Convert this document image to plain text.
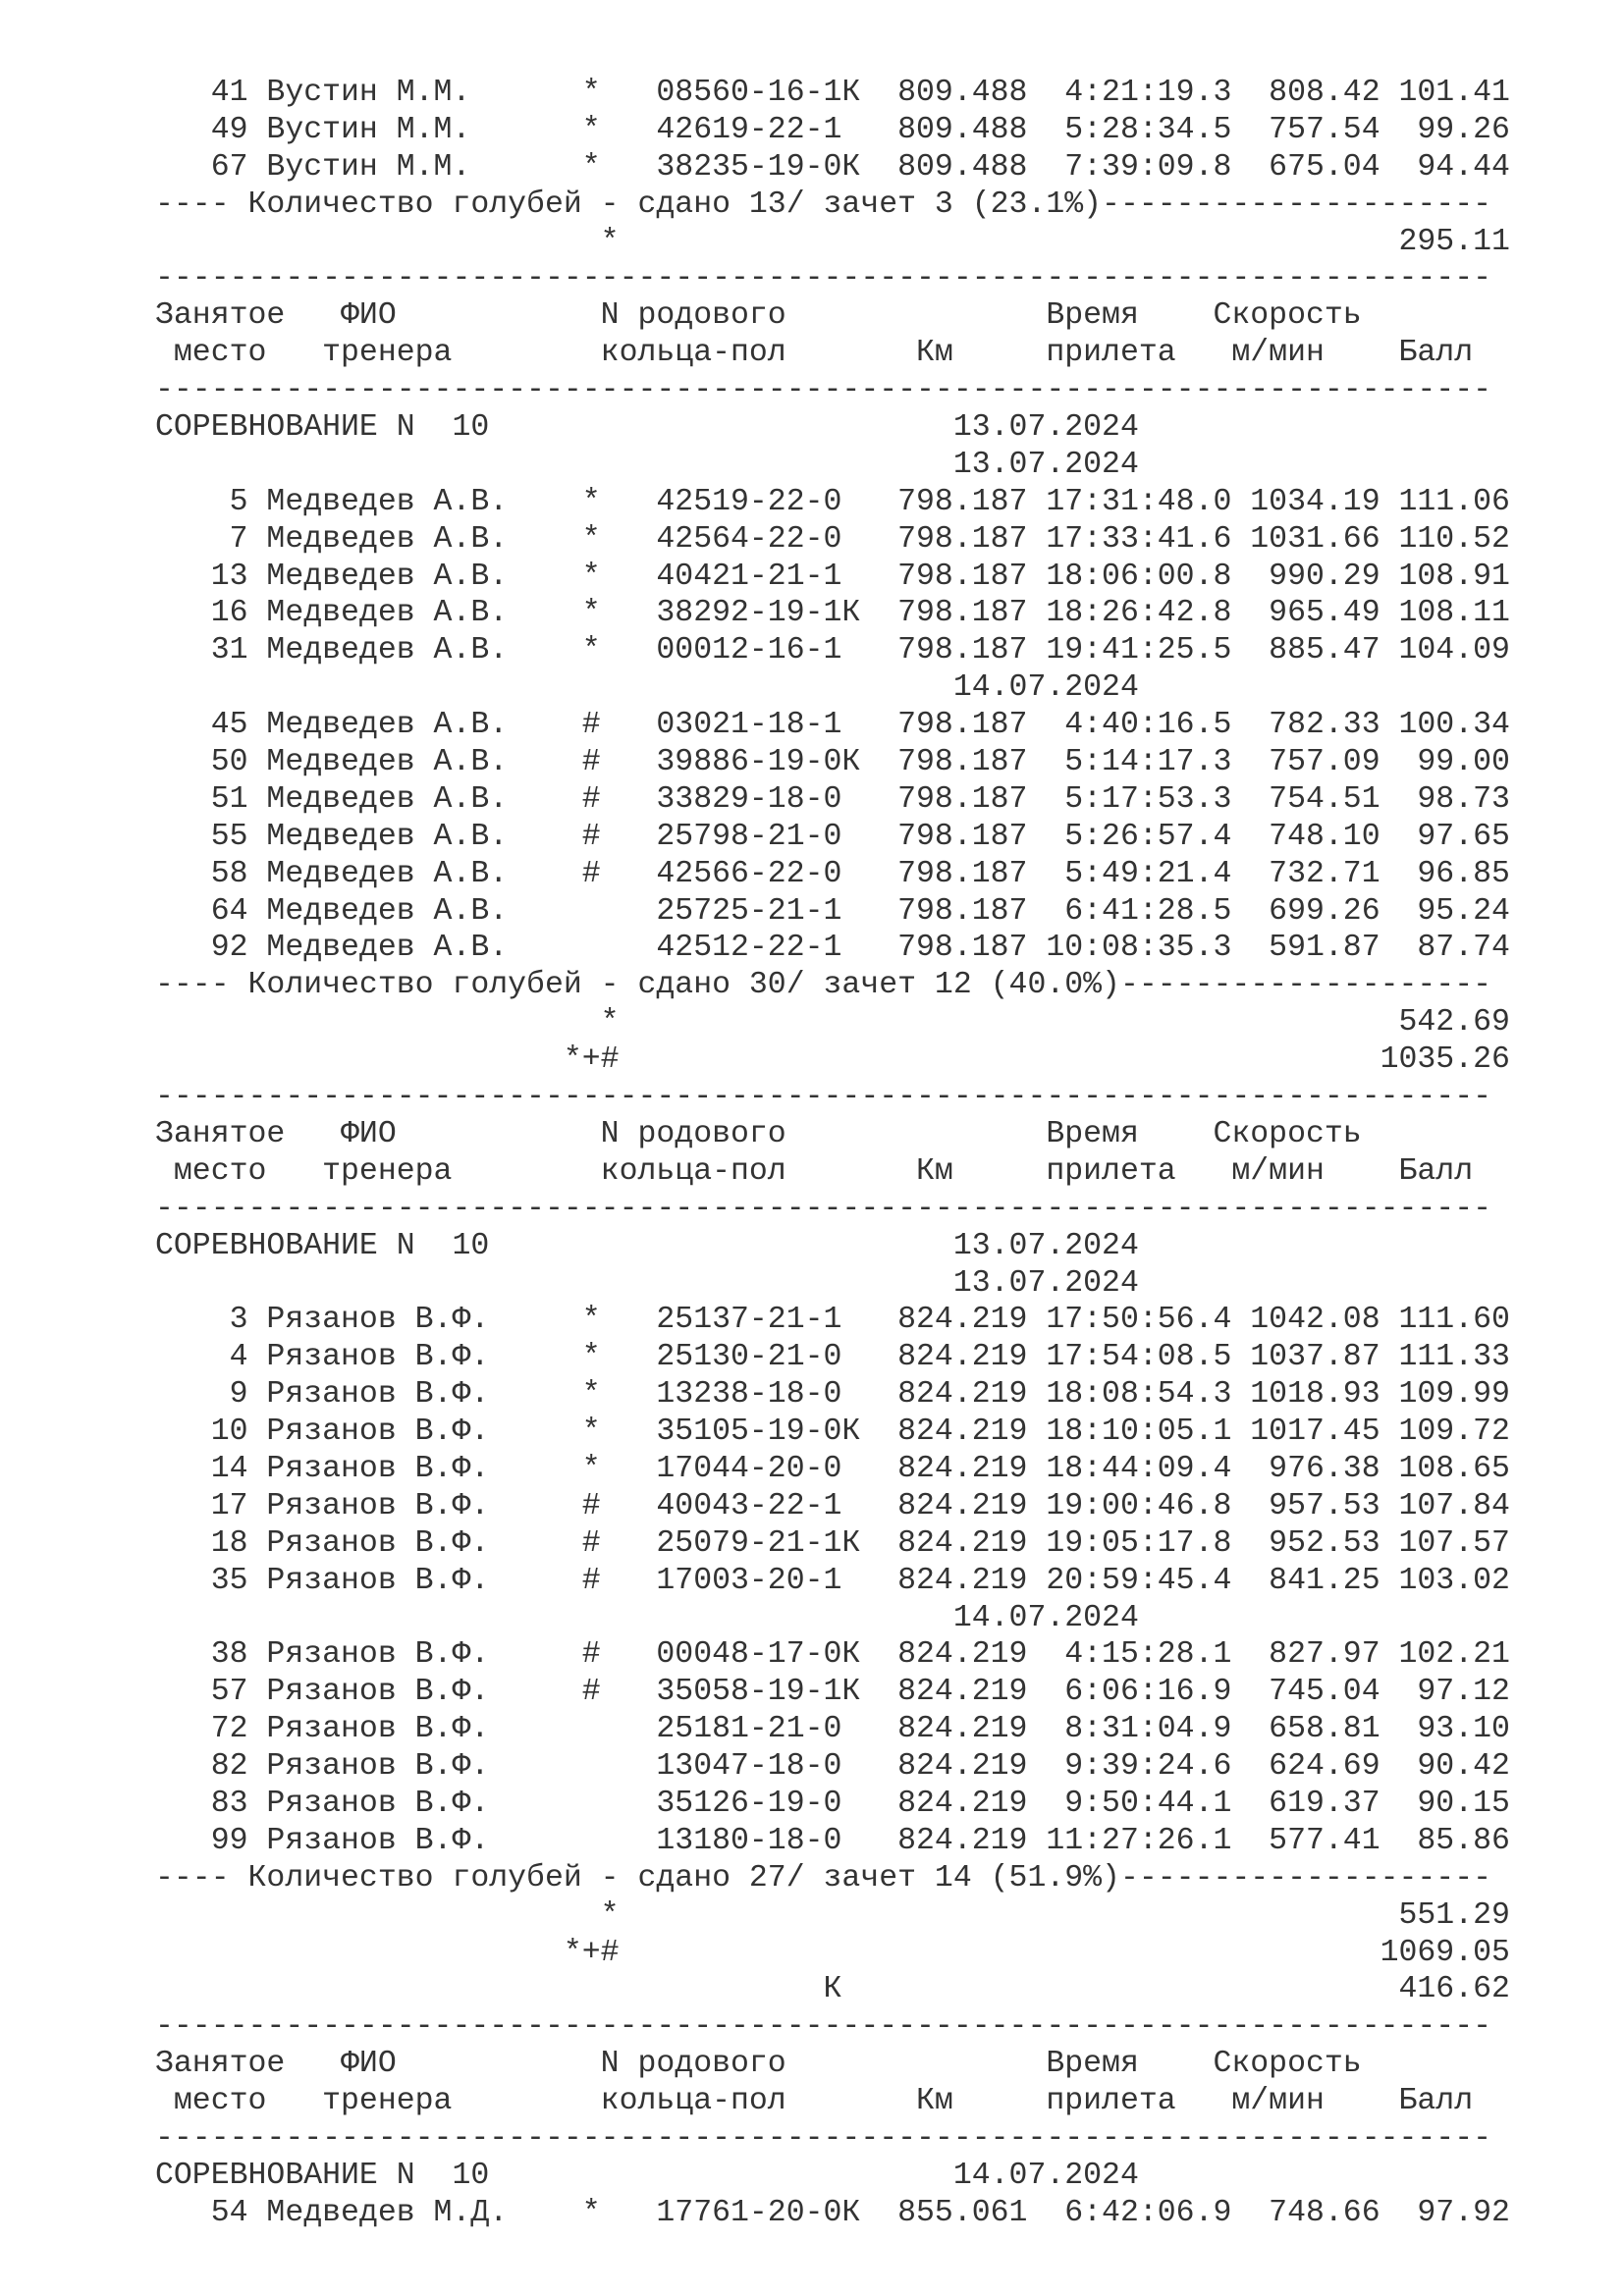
41 Вустин М.М.      *   08560-16-1К  809.488  4:21:19.3  808.42 101.41
49 Вустин М.М.      *   42619-22-1   809.488  5:28:34.5  757.54  99.26
67 Вустин М.М.      *   38235-19-0К  809.488  7:39:09.8  675.04  94.44
---- Количество голубей - сдано 13/ зачет 3 (23.1%)---------------------
*                                          295.11
------------------------------------------------------------------------
Занятое   ФИО           N родового              Время    Скорость
место   тренера        кольца-пол       Км     прилета   м/мин    Балл
------------------------------------------------------------------------
СОРЕВНОВАНИЕ N  10                         13.07.2024
13.07.2024
5 Медведев А.В.    *   42519-22-0   798.187 17:31:48.0 1034.19 111.06
7 Медведев А.В.    *   42564-22-0   798.187 17:33:41.6 1031.66 110.52
13 Медведев А.В.    *   40421-21-1   798.187 18:06:00.8  990.29 108.91
16 Медведев А.В.    *   38292-19-1К  798.187 18:26:42.8  965.49 108.11
31 Медведев А.В.    *   00012-16-1   798.187 19:41:25.5  885.47 104.09
14.07.2024
45 Медведев А.В.    #   03021-18-1   798.187  4:40:16.5  782.33 100.34
50 Медведев А.В.    #   39886-19-0К  798.187  5:14:17.3  757.09  99.00
51 Медведев А.В.    #   33829-18-0   798.187  5:17:53.3  754.51  98.73
55 Медведев А.В.    #   25798-21-0   798.187  5:26:57.4  748.10  97.65
58 Медведев А.В.    #   42566-22-0   798.187  5:49:21.4  732.71  96.85
64 Медведев А.В.        25725-21-1   798.187  6:41:28.5  699.26  95.24
92 Медведев А.В.        42512-22-1   798.187 10:08:35.3  591.87  87.74
---- Количество голубей - сдано 30/ зачет 12 (40.0%)--------------------
*                                          542.69
*+#                                         1035.26
------------------------------------------------------------------------
Занятое   ФИО           N родового              Время    Скорость
место   тренера        кольца-пол       Км     прилета   м/мин    Балл
------------------------------------------------------------------------
СОРЕВНОВАНИЕ N  10                         13.07.2024
13.07.2024
3 Рязанов В.Ф.     *   25137-21-1   824.219 17:50:56.4 1042.08 111.60
4 Рязанов В.Ф.     *   25130-21-0   824.219 17:54:08.5 1037.87 111.33
9 Рязанов В.Ф.     *   13238-18-0   824.219 18:08:54.3 1018.93 109.99
10 Рязанов В.Ф.     *   35105-19-0К  824.219 18:10:05.1 1017.45 109.72
14 Рязанов В.Ф.     *   17044-20-0   824.219 18:44:09.4  976.38 108.65
17 Рязанов В.Ф.     #   40043-22-1   824.219 19:00:46.8  957.53 107.84
18 Рязанов В.Ф.     #   25079-21-1К  824.219 19:05:17.8  952.53 107.57
35 Рязанов В.Ф.     #   17003-20-1   824.219 20:59:45.4  841.25 103.02
14.07.2024
38 Рязанов В.Ф.     #   00048-17-0К  824.219  4:15:28.1  827.97 102.21
57 Рязанов В.Ф.     #   35058-19-1К  824.219  6:06:16.9  745.04  97.12
72 Рязанов В.Ф.         25181-21-0   824.219  8:31:04.9  658.81  93.10
82 Рязанов В.Ф.         13047-18-0   824.219  9:39:24.6  624.69  90.42
83 Рязанов В.Ф.         35126-19-0   824.219  9:50:44.1  619.37  90.15
99 Рязанов В.Ф.         13180-18-0   824.219 11:27:26.1  577.41  85.86
---- Количество голубей - сдано 27/ зачет 14 (51.9%)--------------------
*                                          551.29
*+#                                         1069.05
К                              416.62
------------------------------------------------------------------------
Занятое   ФИО           N родового              Время    Скорость
место   тренера        кольца-пол       Км     прилета   м/мин    Балл
------------------------------------------------------------------------
СОРЕВНОВАНИЕ N  10                         14.07.2024
54 Медведев М.Д.    *   17761-20-0К  855.061  6:42:06.9  748.66  97.92
